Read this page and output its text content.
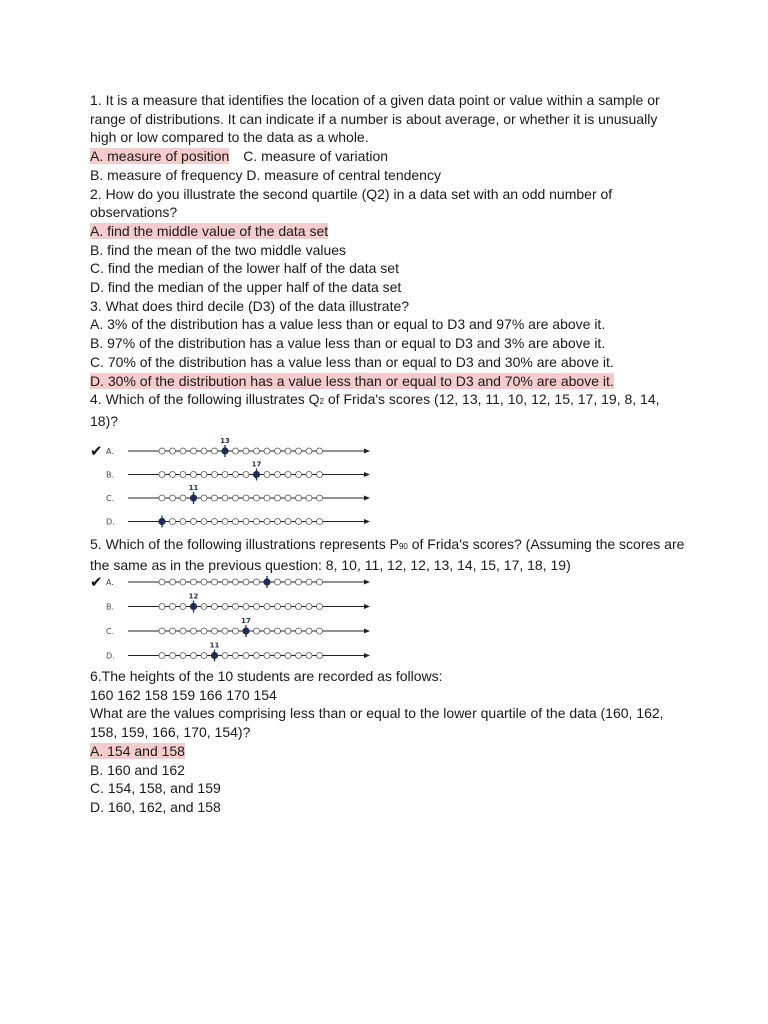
1. It is a measure that identifies the location of a given data point or value within a sample or
range of distributions. It can indicate if a number is about average, or whether it is unusually
high or low compared to the data as a whole.
A. measure of position C. measure of variation
B. measure of frequency D. measure of central tendency
2. How do you illustrate the second quartile (Q2) in a data set with an odd number of
observations?
A. find the middle value of the data set
B. find the mean of the two middle values
C. find the median of the lower half of the data set
D. find the median of the upper half of the data set
3. What does third decile (D3) of the data illustrate?
A. 3% of the distribution has a value less than or equal to D3 and 97% are above it.
B. 97% of the distribution has a value less than or equal to D3 and 3% are above it.
C. 70% of the distribution has a value less than or equal to D3 and 30% are above it.
D. 30% of the distribution has a value less than or equal to D3 and 70% are above it.
4. Which of the following illustrates Q2 of Frida's scores (12, 13, 11, 10, 12, 15, 17, 19, 8, 14,
18)?
✔ A.
13
B.
17
C.
11
D.
5. Which of the following illustrations represents P90 of Frida's scores? (Assuming the scores are
the same as in the previous question: 8, 10, 11, 12, 12, 13, 14, 15, 17, 18, 19)
✔ A.
B.
12
C.
17
D.
11
6.The heights of the 10 students are recorded as follows:
160 162 158 159 166 170 154
What are the values comprising less than or equal to the lower quartile of the data (160, 162,
158, 159, 166, 170, 154)?
A. 154 and 158
B. 160 and 162
C. 154, 158, and 159
D. 160, 162, and 158
